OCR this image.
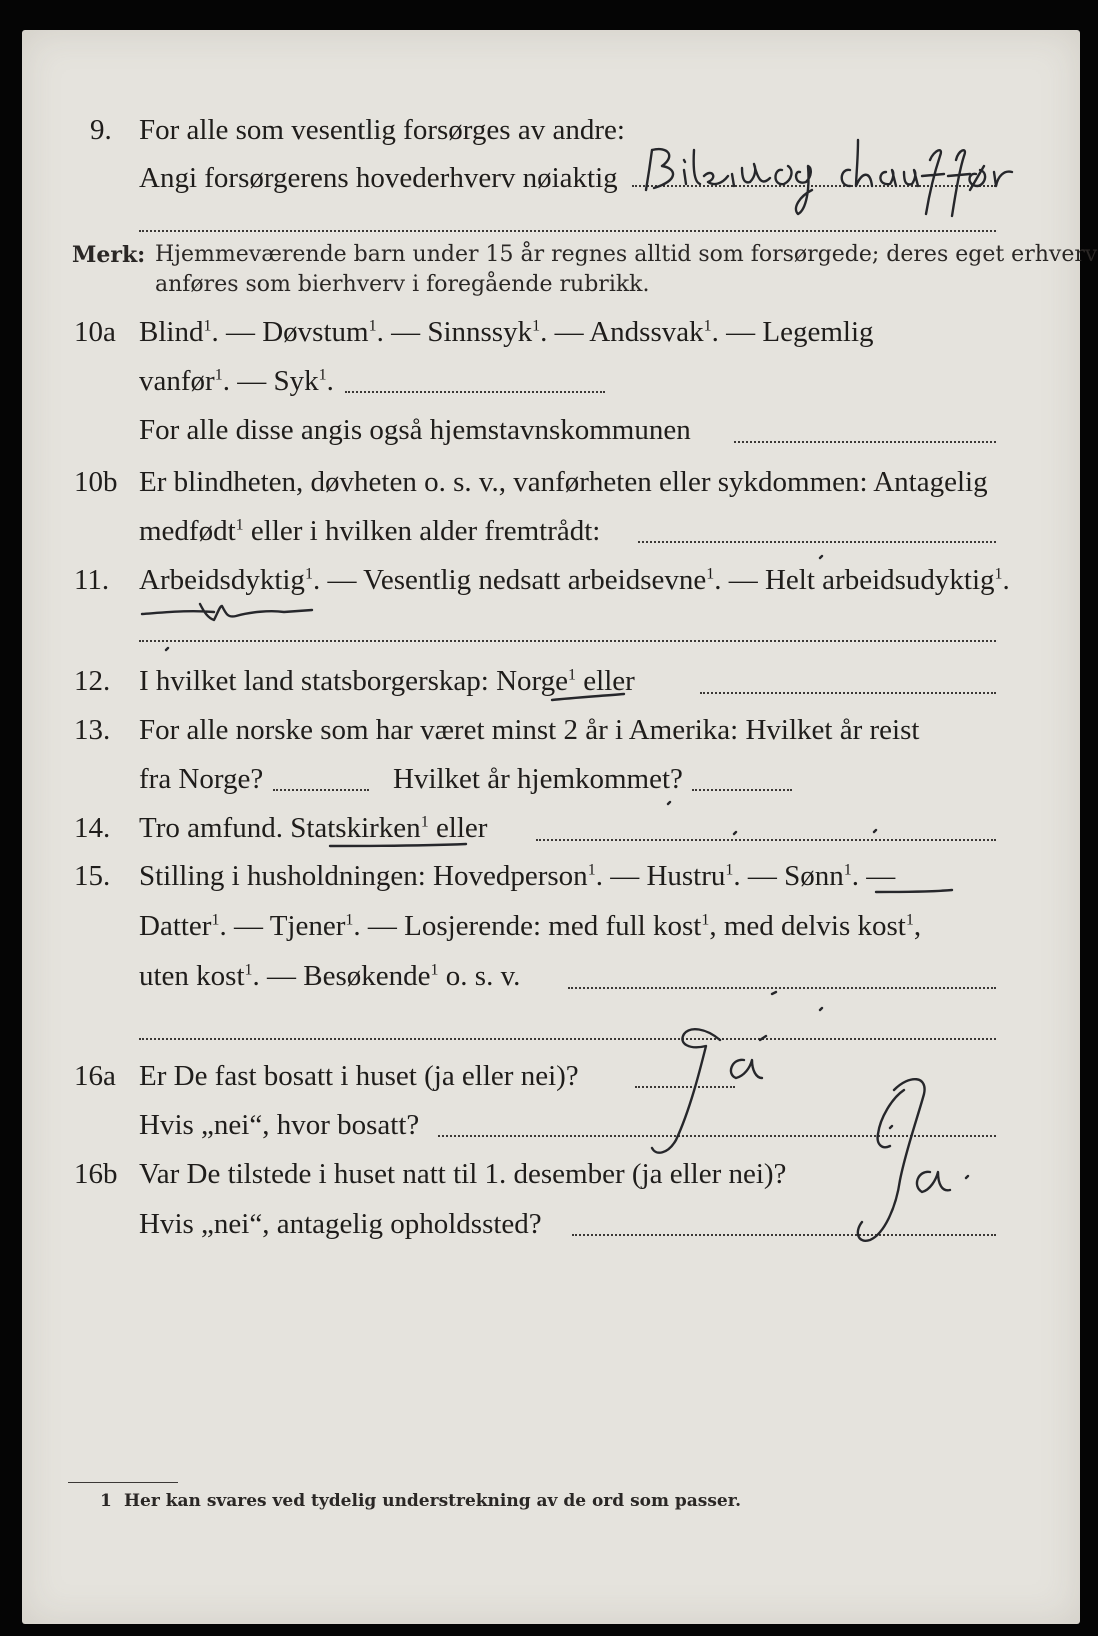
9. For alle som vesentlig forsørges av andre:
Angi forsørgerens hovederhverv nøiaktig
Merk: Hjemmeværende barn under 15 år regnes alltid som forsørgede; deres eget erhverv
anføres som bierhverv i foregående rubrikk.
10a Blind$^1$. — Døvstum$^1$. — Sinnssyk$^1$. — Andssvak$^1$. — Legemlig
vanfør$^1$. — Syk$^1$.
For alle disse angis også hjemstavnskommunen
10b Er blindheten, døvheten o. s. v., vanførheten eller sykdommen: Antagelig
medfødt$^1$ eller i hvilken alder fremtrådt:
11. Arbeidsdyktig$^1$. — Vesentlig nedsatt arbeidsevne$^1$. — Helt arbeidsudyktig$^1$.
12. I hvilket land statsborgerskap: Norge$^1$ eller
13. For alle norske som har været minst 2 år i Amerika: Hvilket år reist
fra Norge?	Hvilket år hjemkommet?
14. Tro amfund. Statskirken$^1$ eller
15. Stilling i husholdningen: Hovedperson$^1$. — Hustru$^1$. — Sønn$^1$. —
Datter$^1$. — Tjener$^1$. — Losjerende: med full kost$^1$, med delvis kost$^1$,
uten kost$^1$. — Besøkende$^1$ o. s. v.
16a Er De fast bosatt i huset (ja eller nei)?
Hvis „nei“, hvor bosatt?
16b Var De tilstede i huset natt til 1. desember (ja eller nei)?
Hvis „nei“, antagelig opholdssted?
1 Her kan svares ved tydelig understrekning av de ord som passer.
